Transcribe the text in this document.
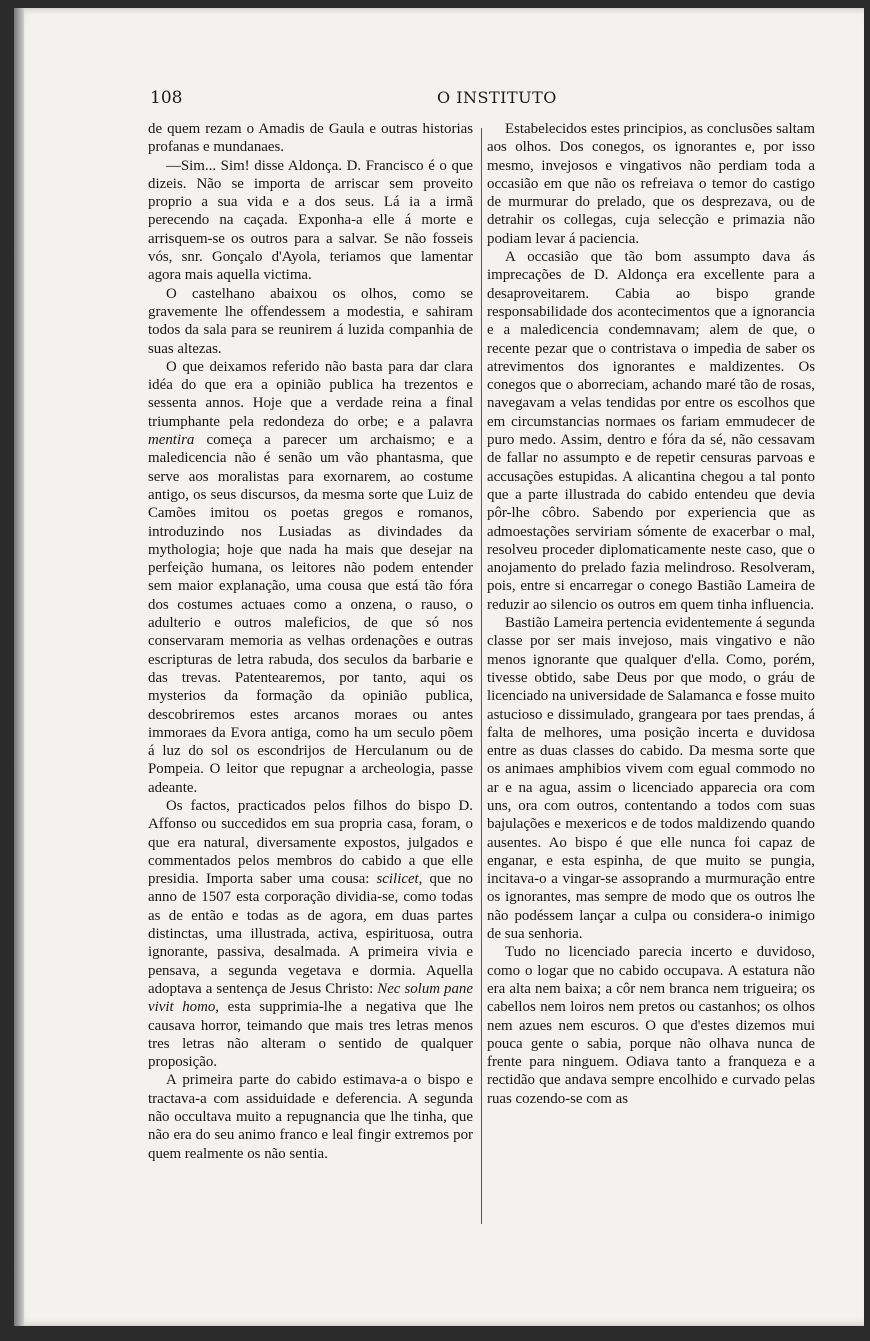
108	O INSTITUTO

de quem rezam o Amadis de Gaula e outras historias profanas e mundanaes.

—Sim... Sim! disse Aldonça. D. Francisco é o que dizeis. Não se importa de arriscar sem proveito proprio a sua vida e a dos seus. Lá ia a irmã perecendo na caçada. Exponha-a elle á morte e arrisquem-se os outros para a salvar. Se não fosseis vós, snr. Gonçalo d'Ayola, teriamos que lamentar agora mais aquella victima.

O castelhano abaixou os olhos, como se gravemente lhe offendessem a modestia, e sahiram todos da sala para se reunirem á luzida companhia de suas altezas.

O que deixamos referido não basta para dar clara idéa do que era a opinião publica ha trezentos e sessenta annos. Hoje que a verdade reina a final triumphante pela redondeza do orbe; e a palavra mentira começa a parecer um archaismo; e a maledicencia não é senão um vão phantasma, que serve aos moralistas para exornarem, ao costume antigo, os seus discursos, da mesma sorte que Luiz de Camões imitou os poetas gregos e romanos, introduzindo nos Lusiadas as divindades da mythologia; hoje que nada ha mais que desejar na perfeição humana, os leitores não podem entender sem maior explanação, uma cousa que está tão fóra dos costumes actuaes como a onzena, o rauso, o adulterio e outros maleficios, de que só nos conservaram memoria as velhas ordenações e outras escripturas de letra rabuda, dos seculos da barbarie e das trevas. Patentearemos, por tanto, aqui os mysterios da formação da opinião publica, descobriremos estes arcanos moraes ou antes immoraes da Evora antiga, como ha um seculo põem á luz do sol os escondrijos de Herculanum ou de Pompeia. O leitor que repugnar a archeologia, passe adeante.

Os factos, practicados pelos filhos do bispo D. Affonso ou succedidos em sua propria casa, foram, o que era natural, diversamente expostos, julgados e commentados pelos membros do cabido a que elle presidia. Importa saber uma cousa: scilicet, que no anno de 1507 esta corporação dividia-se, como todas as de então e todas as de agora, em duas partes distinctas, uma illustrada, activa, espirituosa, outra ignorante, passiva, desalmada. A primeira vivia e pensava, a segunda vegetava e dormia. Aquella adoptava a sentença de Jesus Christo: Nec solum pane vivit homo, esta supprimia-lhe a negativa que lhe causava horror, teimando que mais tres letras menos tres letras não alteram o sentido de qualquer proposição.

A primeira parte do cabido estimava-a o bispo e tractava-a com assiduidade e deferencia. A segunda não occultava muito a repugnancia que lhe tinha, que não era do seu animo franco e leal fingir extremos por quem realmente os não sentia.

Estabelecidos estes principios, as conclusões saltam aos olhos. Dos conegos, os ignorantes e, por isso mesmo, invejosos e vingativos não perdiam toda a occasião em que não os refreiava o temor do castigo de murmurar do prelado, que os desprezava, ou de detrahir os collegas, cuja selecção e primazia não podiam levar á paciencia.

A occasião que tão bom assumpto dava ás imprecações de D. Aldonça era excellente para a desaproveitarem. Cabia ao bispo grande responsabilidade dos acontecimentos que a ignorancia e a maledicencia condemnavam; alem de que, o recente pezar que o contristava o impedia de saber os atrevimentos dos ignorantes e maldizentes. Os conegos que o aborreciam, achando maré tão de rosas, navegavam a velas tendidas por entre os escolhos que em circumstancias normaes os fariam emmudecer de puro medo. Assim, dentro e fóra da sé, não cessavam de fallar no assumpto e de repetir censuras parvoas e accusações estupidas. A alicantina chegou a tal ponto que a parte illustrada do cabido entendeu que devia pôr-lhe côbro. Sabendo por experiencia que as admoestações serviriam sómente de exacerbar o mal, resolveu proceder diplomaticamente neste caso, que o anojamento do prelado fazia melindroso. Resolveram, pois, entre si encarregar o conego Bastião Lameira de reduzir ao silencio os outros em quem tinha influencia.

Bastião Lameira pertencia evidentemente á segunda classe por ser mais invejoso, mais vingativo e não menos ignorante que qualquer d'ella. Como, porém, tivesse obtido, sabe Deus por que modo, o gráu de licenciado na universidade de Salamanca e fosse muito astucioso e dissimulado, grangeara por taes prendas, á falta de melhores, uma posição incerta e duvidosa entre as duas classes do cabido. Da mesma sorte que os animaes amphibios vivem com egual commodo no ar e na agua, assim o licenciado apparecia ora com uns, ora com outros, contentando a todos com suas bajulações e mexericos e de todos maldizendo quando ausentes. Ao bispo é que elle nunca foi capaz de enganar, e esta espinha, de que muito se pungia, incitava-o a vingar-se assoprando a murmuração entre os ignorantes, mas sempre de modo que os outros lhe não podéssem lançar a culpa ou considera-o inimigo de sua senhoria.

Tudo no licenciado parecia incerto e duvidoso, como o logar que no cabido occupava. A estatura não era alta nem baixa; a côr nem branca nem trigueira; os cabellos nem loiros nem pretos ou castanhos; os olhos nem azues nem escuros. O que d'estes dizemos mui pouca gente o sabia, porque não olhava nunca de frente para ninguem. Odiava tanto a franqueza e a rectidão que andava sempre encolhido e curvado pelas ruas cozendo-se com as
